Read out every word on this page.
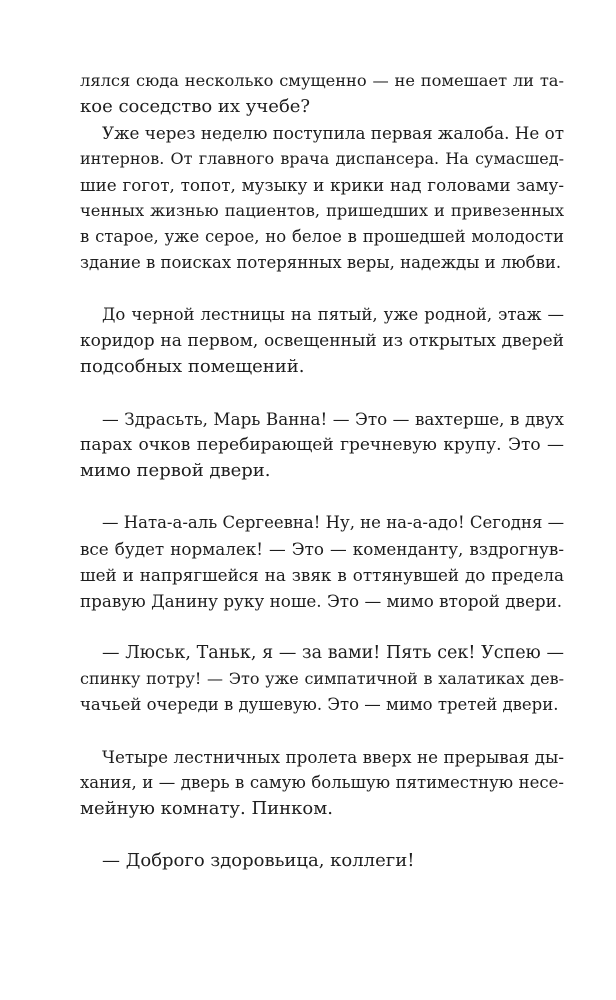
лялся сюда несколько смущенно — не помешает ли та-
кое соседство их учебе?
Уже через неделю поступила первая жалоба. Не от
интернов. От главного врача диспансера. На сумасшед-
шие гогот, топот, музыку и крики над головами заму-
ченных жизнью пациентов, пришедших и привезенных
в старое, уже серое, но белое в прошедшей молодости
здание в поисках потерянных веры, надежды и любви.
До черной лестницы на пятый, уже родной, этаж —
коридор на первом, освещенный из открытых дверей
подсобных помещений.
— Здрасьть, Марь Ванна! — Это — вахтерше, в двух
парах очков перебирающей гречневую крупу. Это —
мимо первой двери.
— Ната-а-аль Сергеевна! Ну, не на-а-адо! Сегодня —
все будет нормалек! — Это — коменданту, вздрогнув-
шей и напрягшейся на звяк в оттянувшей до предела
правую Данину руку ноше. Это — мимо второй двери.
— Люськ, Таньк, я — за вами! Пять сек! Успею —
спинку потру! — Это уже симпатичной в халатиках дев-
чачьей очереди в душевую. Это — мимо третей двери.
Четыре лестничных пролета вверх не прерывая ды-
хания, и — дверь в самую большую пятиместную несе-
мейную комнату. Пинком.
— Доброго здоровьица, коллеги!
